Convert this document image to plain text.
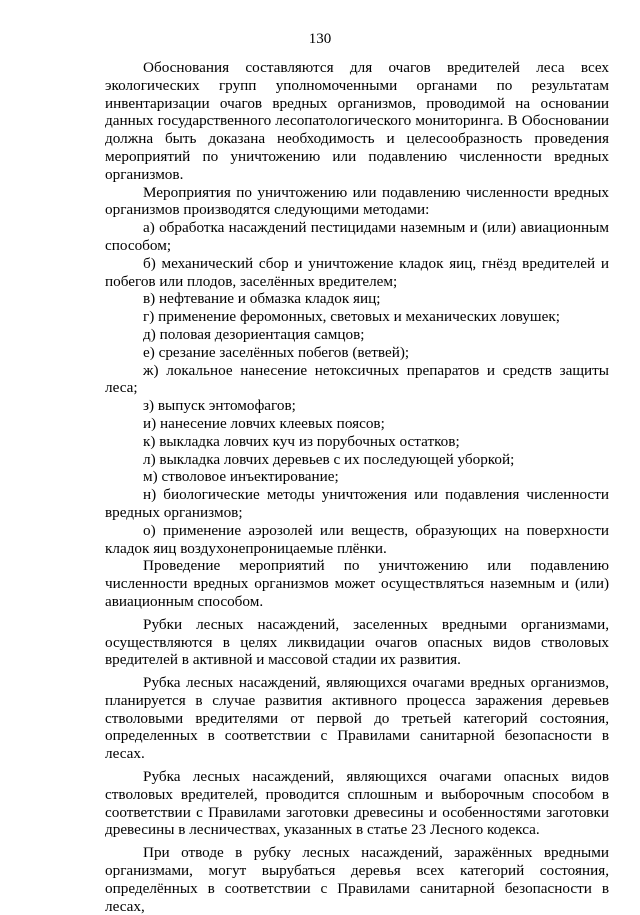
130

Обоснования составляются для очагов вредителей леса всех экологических групп уполномоченными органами по результатам инвентаризации очагов вредных организмов, проводимой на основании данных государственного лесопатологического мониторинга. В Обосновании должна быть доказана необходимость и целесообразность проведения мероприятий по уничтожению или подавлению численности вредных организмов.

Мероприятия по уничтожению или подавлению численности вредных организмов производятся следующими методами:

а) обработка насаждений пестицидами наземным и (или) авиационным способом;

б) механический сбор и уничтожение кладок яиц, гнёзд вредителей и побегов или плодов, заселённых вредителем;

в) нефтевание и обмазка кладок яиц;

г) применение феромонных, световых и механических ловушек;

д) половая дезориентация самцов;

е) срезание заселённых побегов (ветвей);

ж) локальное нанесение нетоксичных препаратов и средств защиты леса;

з) выпуск энтомофагов;

и) нанесение ловчих клеевых поясов;

к) выкладка ловчих куч из порубочных остатков;

л) выкладка ловчих деревьев с их последующей уборкой;

м) стволовое инъектирование;

н) биологические методы уничтожения или подавления численности вредных организмов;

о) применение аэрозолей или веществ, образующих на поверхности кладок яиц воздухонепроницаемые плёнки.

Проведение мероприятий по уничтожению или подавлению численности вредных организмов может осуществляться наземным и (или) авиационным способом.

Рубки лесных насаждений, заселенных вредными организмами, осуществляются в целях ликвидации очагов опасных видов стволовых вредителей в активной и массовой стадии их развития.

Рубка лесных насаждений, являющихся очагами вредных организмов, планируется в случае развития активного процесса заражения деревьев стволовыми вредителями от первой до третьей категорий состояния, определенных в соответствии с Правилами санитарной безопасности в лесах.

Рубка лесных насаждений, являющихся очагами опасных видов стволовых вредителей, проводится сплошным и выборочным способом в соответствии с Правилами заготовки древесины и особенностями заготовки древесины в лесничествах, указанных в статье 23 Лесного кодекса.

При отводе в рубку лесных насаждений, заражённых вредными организмами, могут вырубаться деревья всех категорий состояния, определённых в соответствии с Правилами санитарной безопасности в лесах,
